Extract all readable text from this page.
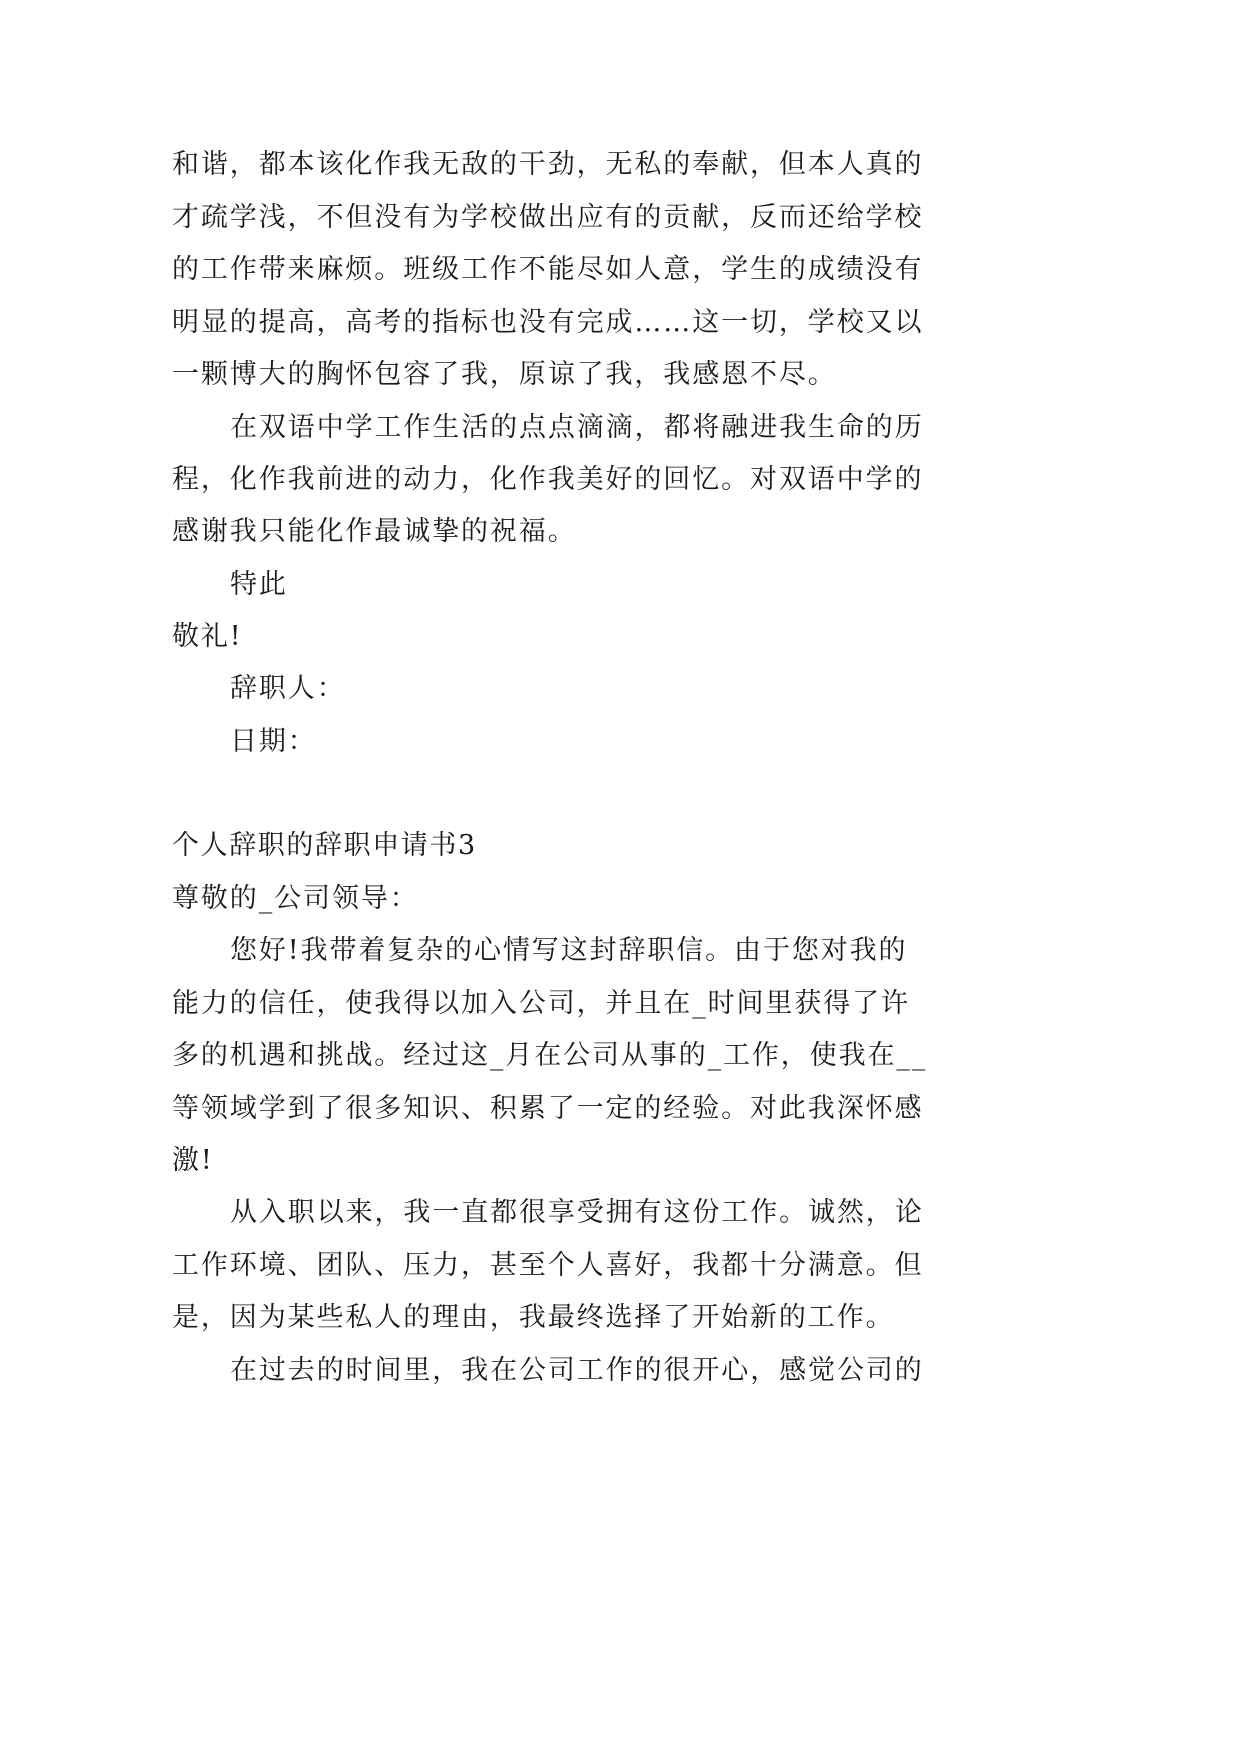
和谐，都本该化作我无敌的干劲，无私的奉献，但本人真的
才疏学浅，不但没有为学校做出应有的贡献，反而还给学校
的工作带来麻烦。班级工作不能尽如人意，学生的成绩没有
明显的提高，高考的指标也没有完成……这一切，学校又以
一颗博大的胸怀包容了我，原谅了我，我感恩不尽。
在双语中学工作生活的点点滴滴，都将融进我生命的历
程，化作我前进的动力，化作我美好的回忆。对双语中学的
感谢我只能化作最诚挚的祝福。
特此
敬礼!
辞职人：
日期：
个人辞职的辞职申请书3
尊敬的_公司领导：
您好!我带着复杂的心情写这封辞职信。由于您对我的
能力的信任，使我得以加入公司，并且在_时间里获得了许
多的机遇和挑战。经过这_月在公司从事的_工作，使我在__
等领域学到了很多知识、积累了一定的经验。对此我深怀感
激!
从入职以来，我一直都很享受拥有这份工作。诚然，论
工作环境、团队、压力，甚至个人喜好，我都十分满意。但
是，因为某些私人的理由，我最终选择了开始新的工作。
在过去的时间里，我在公司工作的很开心，感觉公司的
